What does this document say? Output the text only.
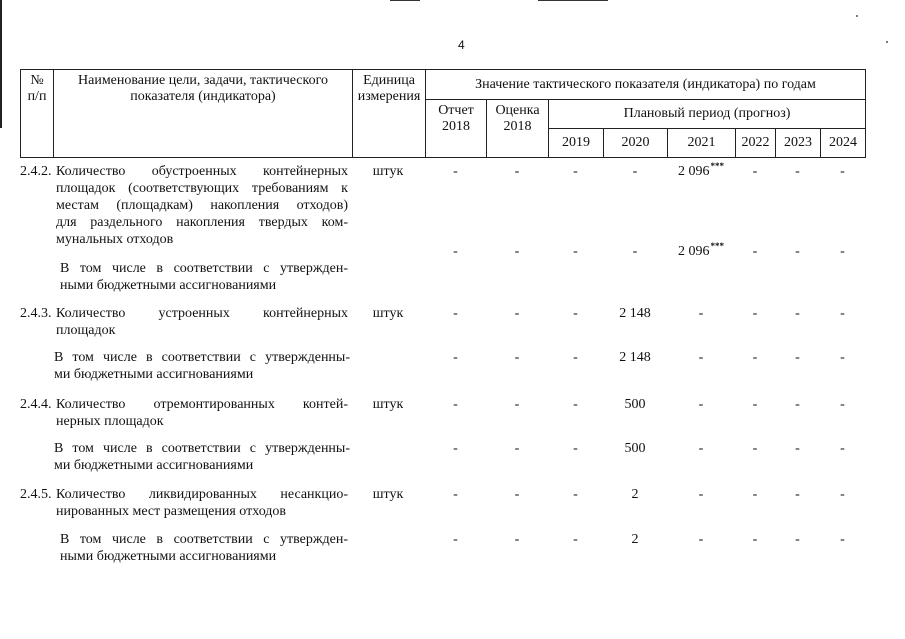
4
№ п/п	Наименование цели, задачи, тактического показателя (индикатора)	Единица измерения	Значение тактического показателя (индикатора) по годам							
			Отчет 2018	Оценка 2018	Плановый период (прогноз)					
					2019	2020	2021	2022	2023	2024
2.4.2. Количество обустроенных контейнерных
площадок (соответствующих требованиям к
местам (площадкам) накопления отходов)
для раздельного накопления твердых ком-
мунальных отходов
штук	-	-	-	-	2 096***	-	-	-
В том числе в соответствии с утвержден-
ными бюджетными ассигнованиями
-	-	-	-	2 096***	-	-	-
2.4.3. Количество устроенных контейнерных
площадок
штук	-	-	-	2 148	-	-	-	-
В том числе в соответствии с утвержденны-
ми бюджетными ассигнованиями
-	-	-	2 148	-	-	-	-
2.4.4. Количество отремонтированных контей-
нерных площадок
штук	-	-	-	500	-	-	-	-
В том числе в соответствии с утвержденны-
ми бюджетными ассигнованиями
-	-	-	500	-	-	-	-
2.4.5. Количество ликвидированных несанкцио-
нированных мест размещения отходов
штук	-	-	-	2	-	-	-	-
В том числе в соответствии с утвержден-
ными бюджетными ассигнованиями
-	-	-	2	-	-	-	-
